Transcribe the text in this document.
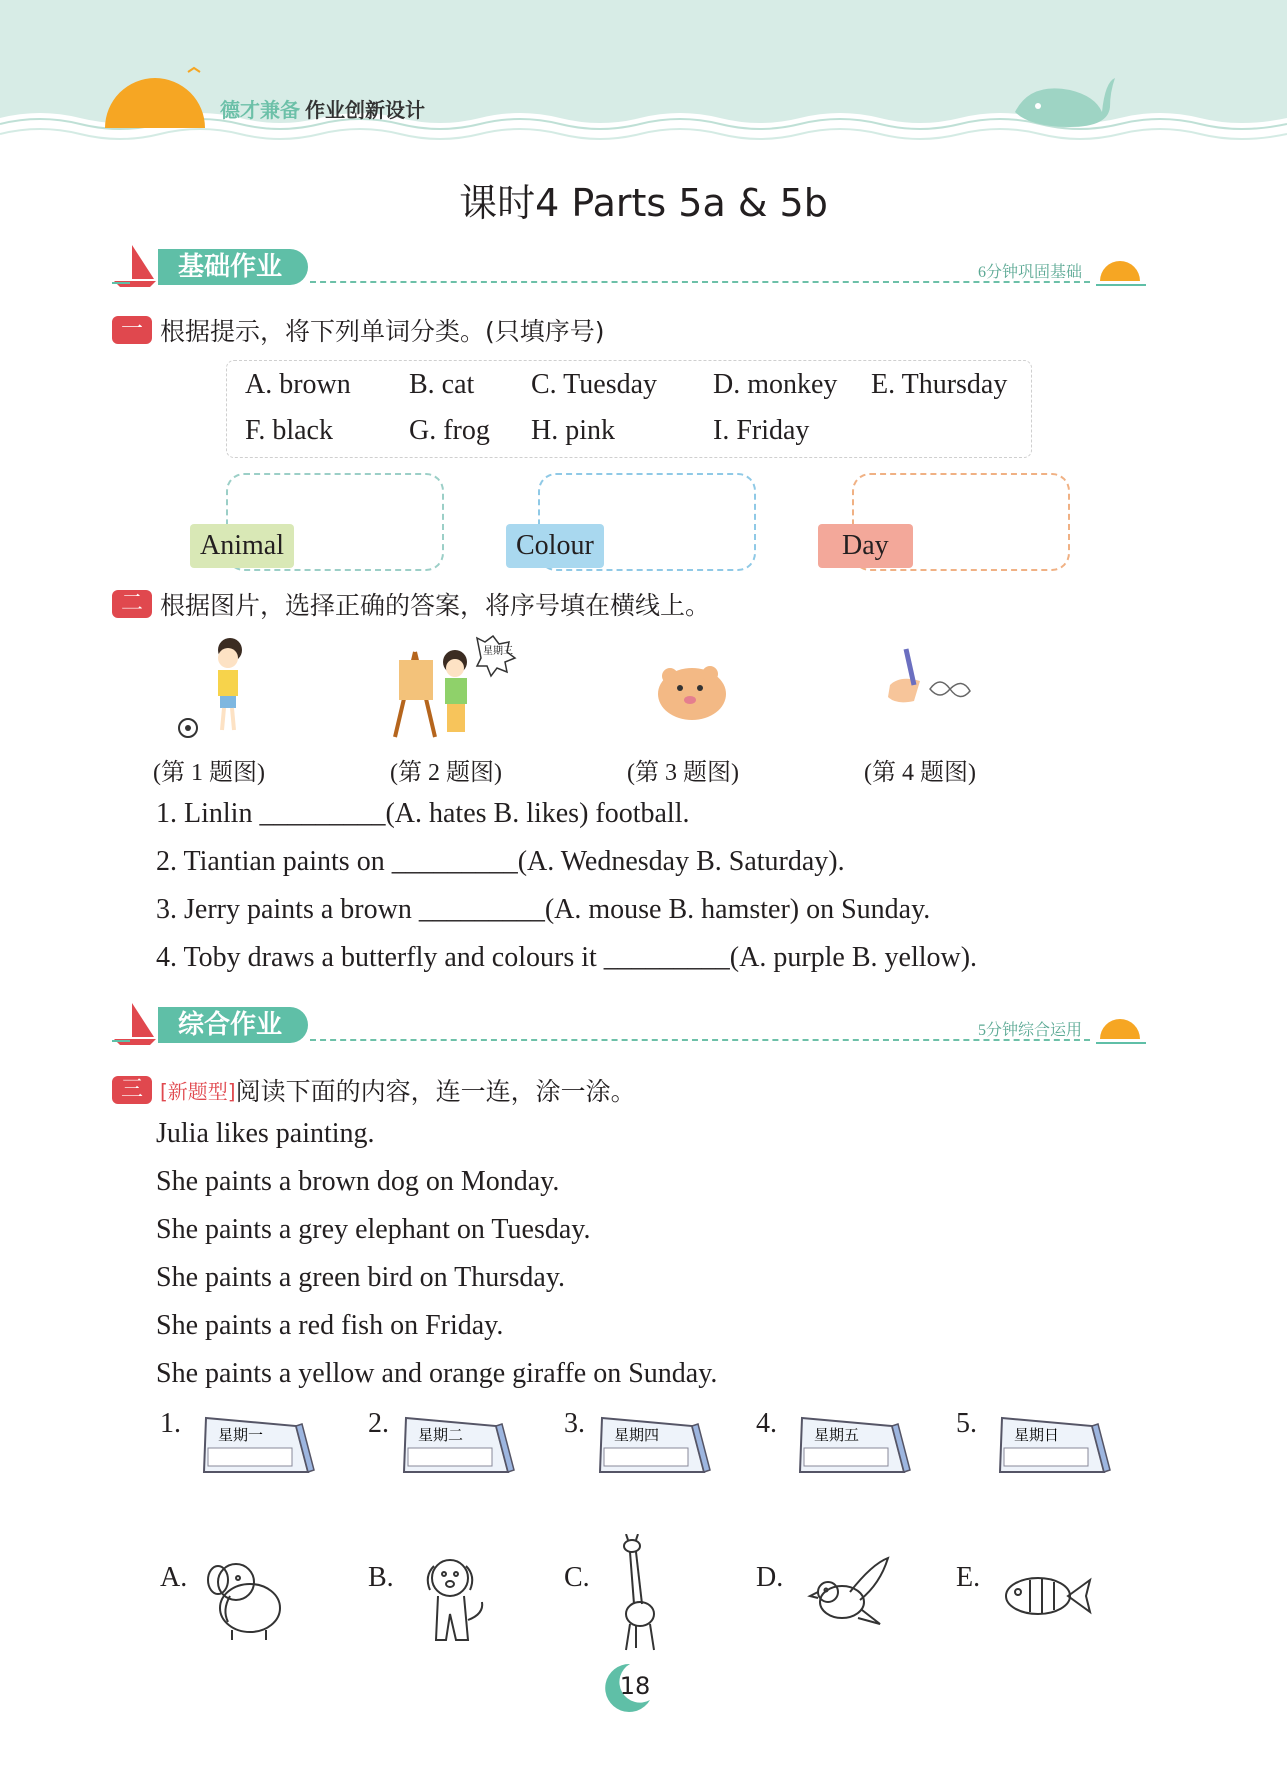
德才兼备 作业创新设计
课时4 Parts 5a & 5b
基础作业	6分钟巩固基础
一 根据提示，将下列单词分类。(只填序号)
A. brown B. cat C. Tuesday D. monkey E. Thursday
F. black	G. frog H. pink	I. Friday
Animal	Colour	Day
二 根据图片，选择正确的答案，将序号填在横线上。
星期三
(第 1 题图)	(第 2 题图)	(第 3 题图)	(第 4 题图)
1. Linlin _________(A. hates B. likes) football.
2. Tiantian paints on _________(A. Wednesday B. Saturday).
3. Jerry paints a brown _________(A. mouse B. hamster) on Sunday.
4. Toby draws a butterfly and colours it _________(A. purple B. yellow).
综合作业	5分钟综合运用
三 [新题型]阅读下面的内容，连一连，涂一涂。
Julia likes painting.
She paints a brown dog on Monday.
She paints a grey elephant on Tuesday.
She paints a green bird on Thursday.
She paints a red fish on Friday.
She paints a yellow and orange giraffe on Sunday.
1. 星期一	2. 星期二	3. 星期四	4. 星期五	5. 星期日
A.	B.	C.	D.	E.
18
